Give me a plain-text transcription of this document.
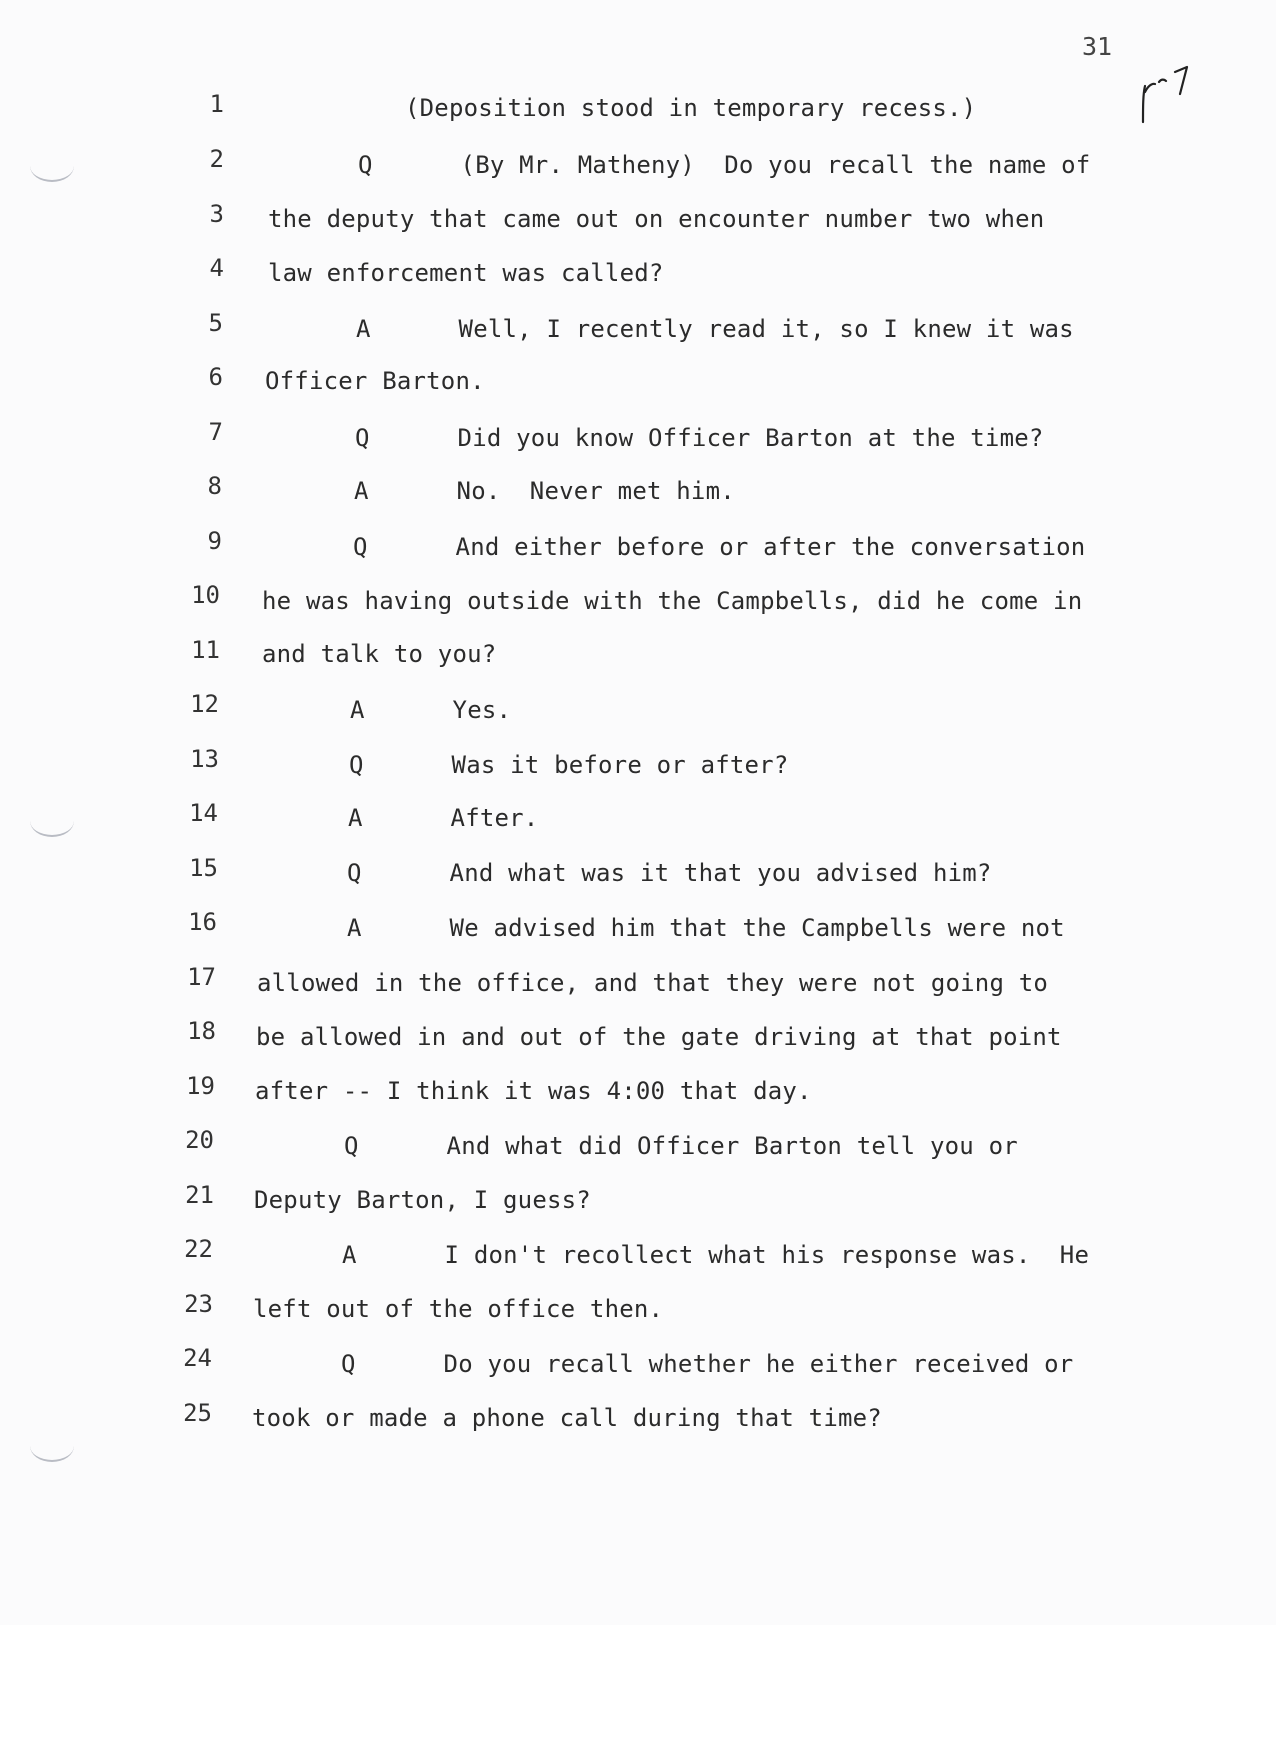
31
1	(Deposition stood in temporary recess.)
2	Q      (By Mr. Matheny)  Do you recall the name of
3 the deputy that came out on encounter number two when
4 law enforcement was called?
5	A      Well, I recently read it, so I knew it was
6 Officer Barton.
7	Q      Did you know Officer Barton at the time?
8	A      No.  Never met him.
9	Q      And either before or after the conversation
10 he was having outside with the Campbells, did he come in
11 and talk to you?
12	A      Yes.
13	Q      Was it before or after?
14	A      After.
15	Q      And what was it that you advised him?
16	A      We advised him that the Campbells were not
17 allowed in the office, and that they were not going to
18 be allowed in and out of the gate driving at that point
19 after -- I think it was 4:00 that day.
20	Q      And what did Officer Barton tell you or
21 Deputy Barton, I guess?
22	A      I don't recollect what his response was.  He
23 left out of the office then.
24	Q      Do you recall whether he either received or
25 took or made a phone call during that time?
